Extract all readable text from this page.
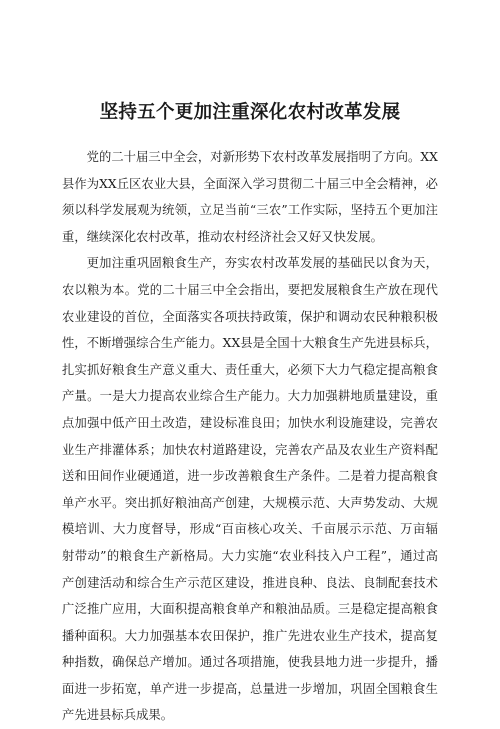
坚持五个更加注重深化农村改革发展

党的二十届三中全会，对新形势下农村改革发展指明了方向。XX县作为XX丘区农业大县，全面深入学习贯彻二十届三中全会精神，必须以科学发展观为统领，立足当前“三农”工作实际，坚持五个更加注重，继续深化农村改革，推动农村经济社会又好又快发展。

更加注重巩固粮食生产，夯实农村改革发展的基础民以食为天，农以粮为本。党的二十届三中全会指出，要把发展粮食生产放在现代农业建设的首位，全面落实各项扶持政策，保护和调动农民种粮积极性，不断增强综合生产能力。XX县是全国十大粮食生产先进县标兵，扎实抓好粮食生产意义重大、责任重大，必须下大力气稳定提高粮食产量。一是大力提高农业综合生产能力。大力加强耕地质量建设，重点加强中低产田土改造，建设标准良田；加快水利设施建设，完善农业生产排灌体系；加快农村道路建设，完善农产品及农业生产资料配送和田间作业硬通道，进一步改善粮食生产条件。二是着力提高粮食单产水平。突出抓好粮油高产创建，大规模示范、大声势发动、大规模培训、大力度督导，形成“百亩核心攻关、千亩展示示范、万亩辐射带动”的粮食生产新格局。大力实施“农业科技入户工程”，通过高产创建活动和综合生产示范区建设，推进良种、良法、良制配套技术广泛推广应用，大面积提高粮食单产和粮油品质。三是稳定提高粮食播种面积。大力加强基本农田保护，推广先进农业生产技术，提高复种指数，确保总产增加。通过各项措施，使我县地力进一步提升，播面进一步拓宽，单产进一步提高，总量进一步增加，巩固全国粮食生产先进县标兵成果。
